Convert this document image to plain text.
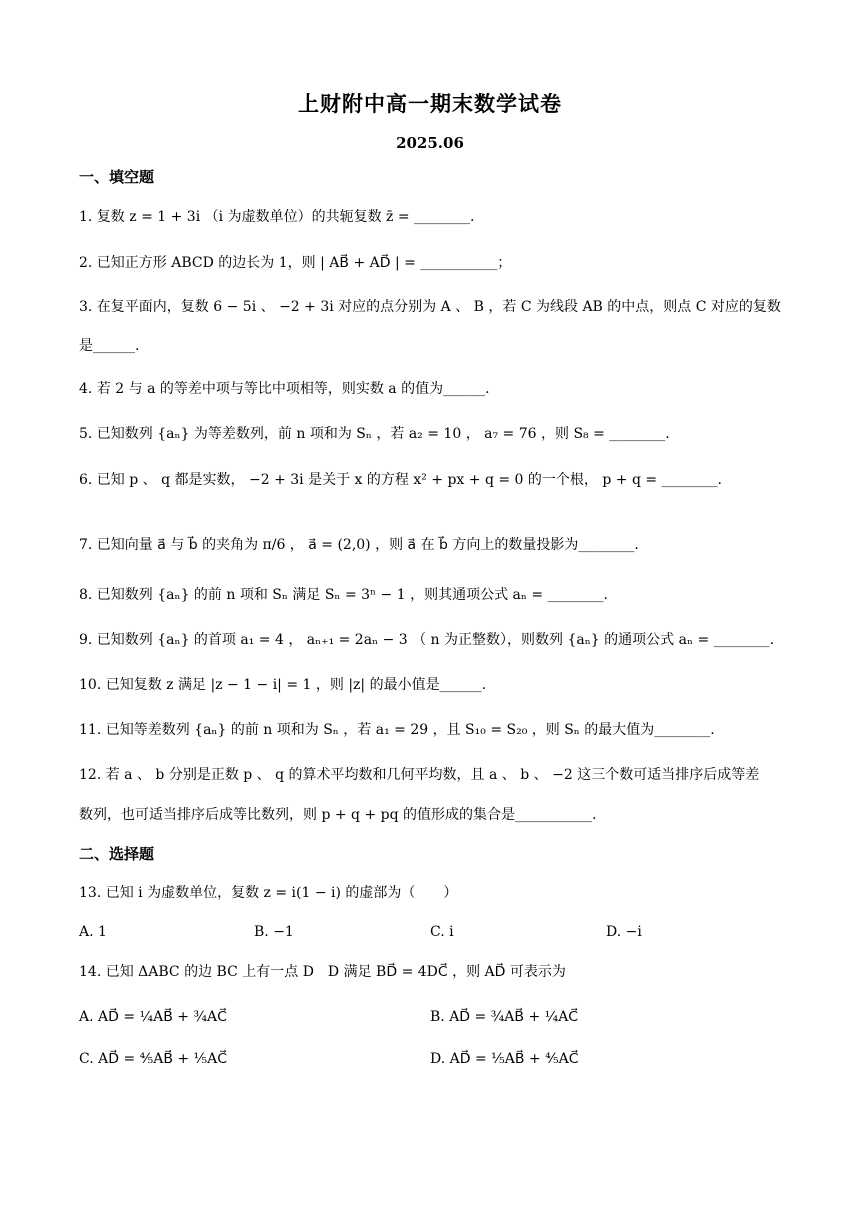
上财附中高一期末数学试卷
2025.06
一、填空题
1. 复数 z = 1 + 3i （i 为虚数单位）的共轭复数 z̄ = ________.
2. 已知正方形 ABCD 的边长为 1，则 | AB⃗ + AD⃗ | = ___________；
3. 在复平面内，复数 6 − 5i 、 −2 + 3i 对应的点分别为 A 、 B ，若 C 为线段 AB 的中点，则点 C 对应的复数
是______.
4. 若 2 与 a 的等差中项与等比中项相等，则实数 a 的值为______.
5. 已知数列 {aₙ} 为等差数列，前 n 项和为 Sₙ ，若 a₂ = 10 ， a₇ = 76 ，则 S₈ = ________.
6. 已知 p 、 q 都是实数， −2 + 3i 是关于 x 的方程 x² + px + q = 0 的一个根， p + q = ________.
7. 已知向量 a⃗ 与 b⃗ 的夹角为 π/6 ， a⃗ = (2,0) ，则 a⃗ 在 b⃗ 方向上的数量投影为________.
8. 已知数列 {aₙ} 的前 n 项和 Sₙ 满足 Sₙ = 3ⁿ − 1 ，则其通项公式 aₙ = ________.
9. 已知数列 {aₙ} 的首项 a₁ = 4 ， aₙ₊₁ = 2aₙ − 3 （ n 为正整数），则数列 {aₙ} 的通项公式 aₙ = ________.
10. 已知复数 z 满足 |z − 1 − i| = 1 ，则 |z| 的最小值是______.
11. 已知等差数列 {aₙ} 的前 n 项和为 Sₙ ，若 a₁ = 29 ，且 S₁₀ = S₂₀ ，则 Sₙ 的最大值为________.
12. 若 a 、 b 分别是正数 p 、 q 的算术平均数和几何平均数，且 a 、 b 、 −2 这三个数可适当排序后成等差
数列，也可适当排序后成等比数列，则 p + q + pq 的值形成的集合是___________.
二、选择题
13. 已知 i 为虚数单位，复数 z = i(1 − i) 的虚部为（　　）
A. 1	B. −1	C. i	D. −i
14. 已知 ΔABC 的边 BC 上有一点 D　D 满足 BD⃗ = 4DC⃗ ，则 AD⃗ 可表示为
A. AD⃗ = ¼AB⃗ + ¾AC⃗	B. AD⃗ = ¾AB⃗ + ¼AC⃗
C. AD⃗ = ⅘AB⃗ + ⅕AC⃗	D. AD⃗ = ⅕AB⃗ + ⅘AC⃗
